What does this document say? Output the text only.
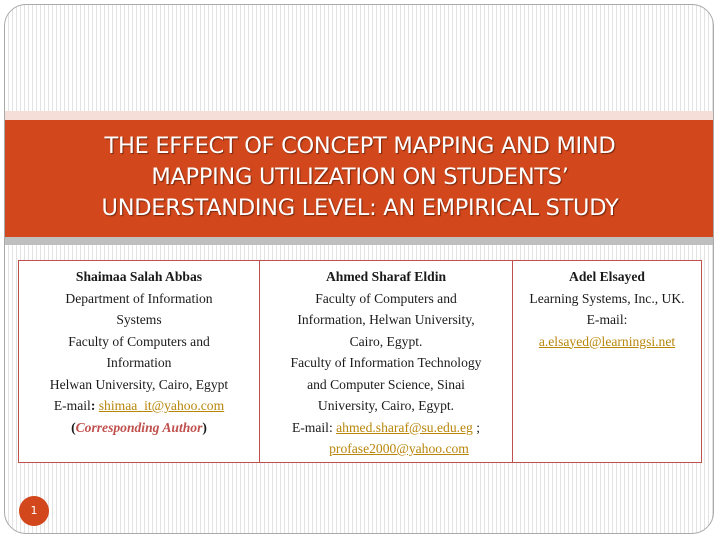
THE EFFECT OF CONCEPT MAPPING AND MIND
MAPPING UTILIZATION ON STUDENTS’
UNDERSTANDING LEVEL: AN EMPIRICAL STUDY
Shaimaa Salah Abbas
Department of Information
Systems
Faculty of Computers and
Information
Helwan University, Cairo, Egypt
E-mail: shimaa_it@yahoo.com
(Corresponding Author)

Ahmed Sharaf Eldin
Faculty of Computers and
Information, Helwan University,
Cairo, Egypt.
Faculty of Information Technology
and Computer Science, Sinai
University, Cairo, Egypt.
E-mail: ahmed.sharaf@su.edu.eg ;
profase2000@yahoo.com

Adel Elsayed
Learning Systems, Inc., UK.
E-mail:
a.elsayed@learningsi.net
1
